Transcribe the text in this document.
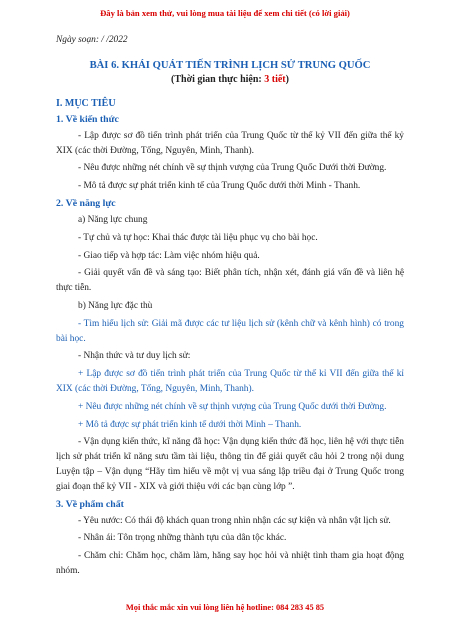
Đây là bản xem thử, vui lòng mua tài liệu để xem chi tiết (có lời giải)
Ngày soạn: / /2022
BÀI 6. KHÁI QUÁT TIẾN TRÌNH LỊCH SỬ TRUNG QUỐC
(Thời gian thực hiện: 3 tiết)
I. MỤC TIÊU
1. Về kiến thức
- Lập được sơ đồ tiến trình phát triển của Trung Quốc từ thế kỷ VII đến giữa thế kỷ XIX (các thời Đường, Tống, Nguyên, Minh, Thanh).
- Nêu được những nét chính về sự thịnh vượng của Trung Quốc Dưới thời Đường.
- Mô tả được sự phát triển kinh tế của Trung Quốc dưới thời Minh - Thanh.
2. Về năng lực
a) Năng lực chung
- Tự chủ và tự học: Khai thác được tài liệu phục vụ cho bài học.
- Giao tiếp và hợp tác: Làm việc nhóm hiệu quả.
- Giải quyết vấn đề và sáng tạo: Biết phân tích, nhận xét, đánh giá vấn đề và liên hệ thực tiễn.
b) Năng lực đặc thù
- Tìm hiểu lịch sử: Giải mã được các tư liệu lịch sử (kênh chữ và kênh hình) có trong bài học.
- Nhận thức và tư duy lịch sử:
+ Lập được sơ đồ tiến trình phát triển của Trung Quốc từ thế kỉ VII đến giữa thế kỉ XIX (các thời Đường, Tống, Nguyên, Minh, Thanh).
+ Nêu được những nét chính về sự thịnh vượng của Trung Quốc dưới thời Đường.
+ Mô tả được sự phát triển kinh tế dưới thời Minh – Thanh.
- Vận dụng kiến thức, kĩ năng đã học: Vận dụng kiến thức đã học, liên hệ với thực tiễn lịch sử phát triển kĩ năng sưu tầm tài liệu, thông tin để giải quyết câu hỏi 2 trong nội dung Luyện tập – Vận dụng “Hãy tìm hiểu về một vị vua sáng lập triều đại ở Trung Quốc trong giai đoạn thế kỷ VII - XIX và giới thiệu với các bạn cùng lớp ”.
3. Về phẩm chất
- Yêu nước: Có thái độ khách quan trong nhìn nhận các sự kiện và nhân vật lịch sử.
- Nhân ái: Tôn trọng những thành tựu của dân tộc khác.
- Chăm chỉ: Chăm học, chăm làm, hăng say học hỏi và nhiệt tình tham gia hoạt động nhóm.
Mọi thắc mắc xin vui lòng liên hệ hotline: 084 283 45 85
